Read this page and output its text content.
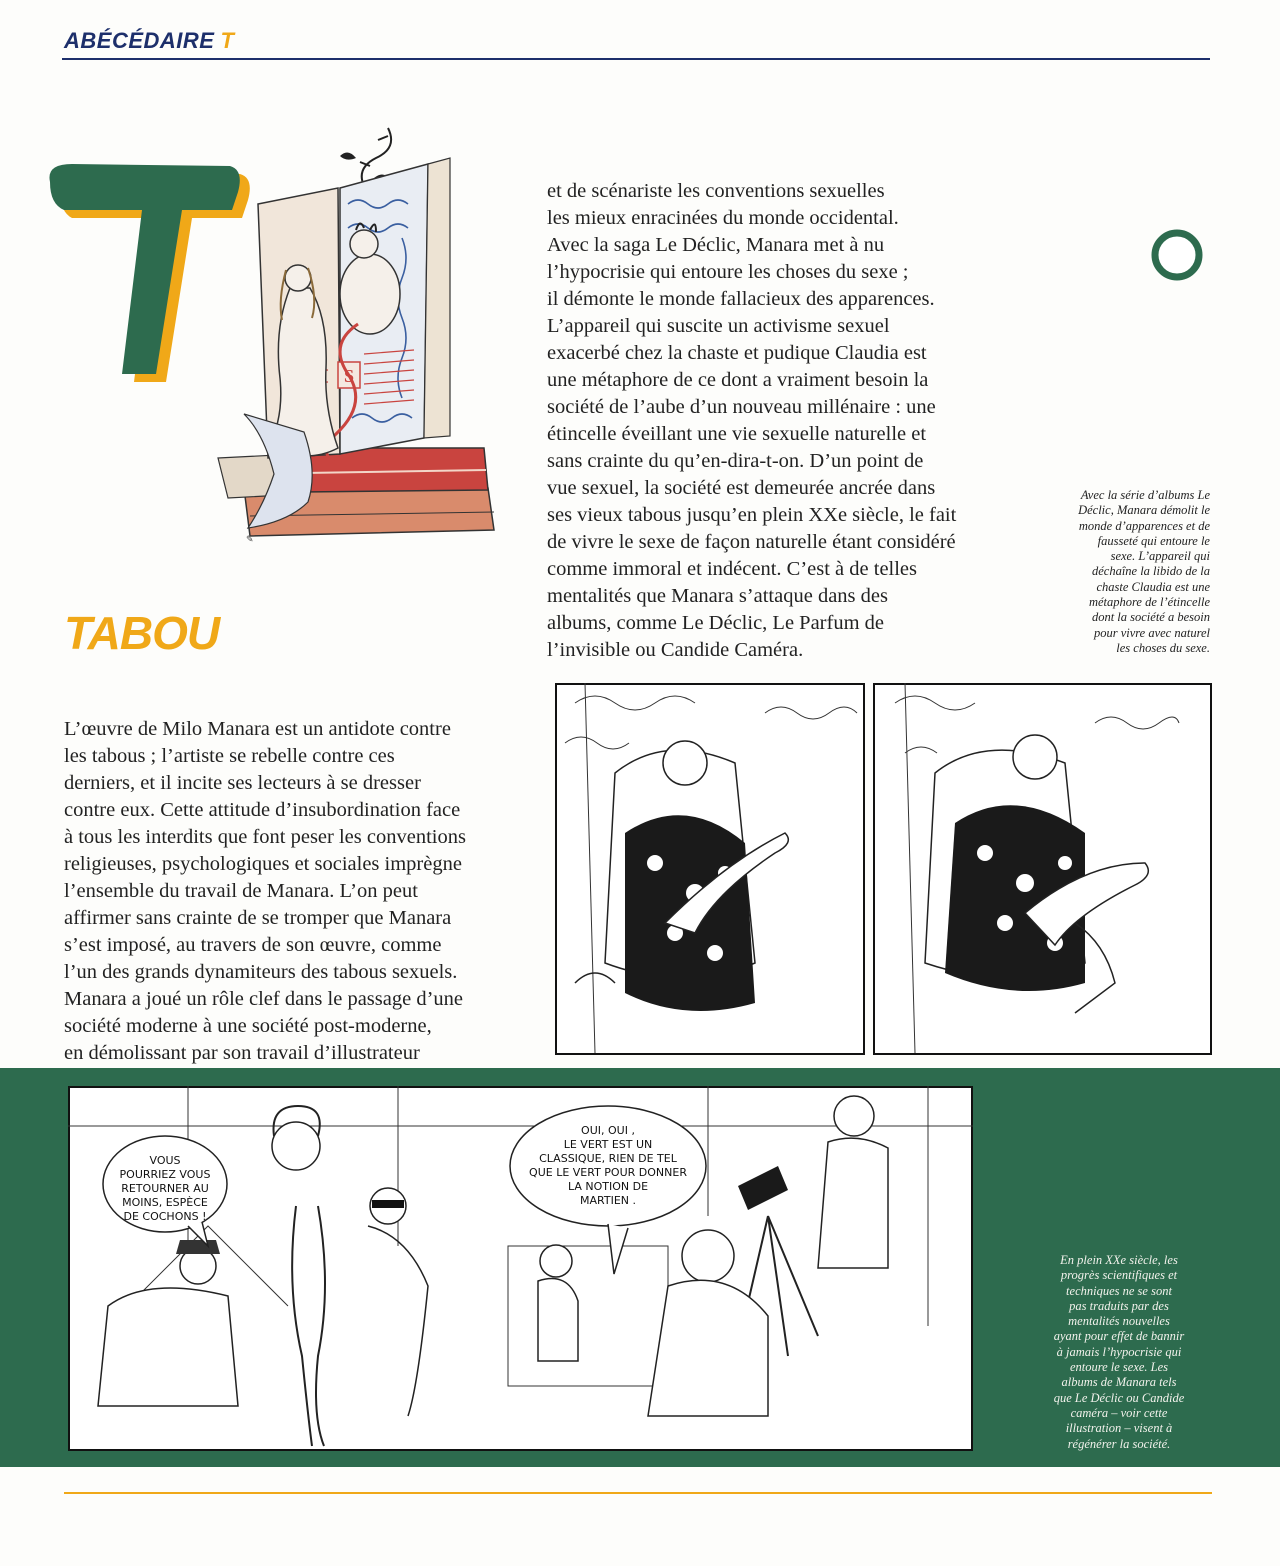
ABÉCÉDAIRE T
S
✎

et de scénariste les conventions sexuelles
les mieux enracinées du monde occidental.
Avec la saga Le Déclic, Manara met à nu
l’hypocrisie qui entoure les choses du sexe ;
il démonte le monde fallacieux des apparences.
L’appareil qui suscite un activisme sexuel
exacerbé chez la chaste et pudique Claudia est
une métaphore de ce dont a vraiment besoin la
société de l’aube d’un nouveau millénaire : une
étincelle éveillant une vie sexuelle naturelle et
sans crainte du qu’en-dira-t-on. D’un point de
vue sexuel, la société est demeurée ancrée dans
ses vieux tabous jusqu’en plein XXe siècle, le fait
de vivre le sexe de façon naturelle étant considéré
comme immoral et indécent. C’est à de telles
mentalités que Manara s’attaque dans des
albums, comme Le Déclic, Le Parfum de
l’invisible ou Candide Caméra.

TABOU
Avec la série d’albums Le
Déclic, Manara démolit le
monde d’apparences et de
fausseté qui entoure le
sexe. L’appareil qui
déchaîne la libido de la
chaste Claudia est une
métaphore de l’étincelle
dont la société a besoin
pour vivre avec naturel
les choses du sexe.

L’œuvre de Milo Manara est un antidote contre
les tabous ; l’artiste se rebelle contre ces
derniers, et il incite ses lecteurs à se dresser
contre eux. Cette attitude d’insubordination face
à tous les interdits que font peser les conventions
religieuses, psychologiques et sociales imprègne
l’ensemble du travail de Manara. L’on peut
affirmer sans crainte de se tromper que Manara
s’est imposé, au travers de son œuvre, comme
l’un des grands dynamiteurs des tabous sexuels.
Manara a joué un rôle clef dans le passage d’une
société moderne à une société post-moderne,
en démolissant par son travail d’illustrateur

VOUS
POURRIEZ VOUS
RETOURNER AU
MOINS, ESPÈCE
DE COCHONS !
OUI, OUI ,
LE VERT EST UN
CLASSIQUE, RIEN DE TEL
QUE LE VERT POUR DONNER
LA NOTION DE
MARTIEN .
En plein XXe siècle, les
progrès scientifiques et
techniques ne se sont
pas traduits par des
mentalités nouvelles
ayant pour effet de bannir
à jamais l’hypocrisie qui
entoure le sexe. Les
albums de Manara tels
que Le Déclic ou Candide
caméra – voir cette
illustration – visent à
régénérer la société.
